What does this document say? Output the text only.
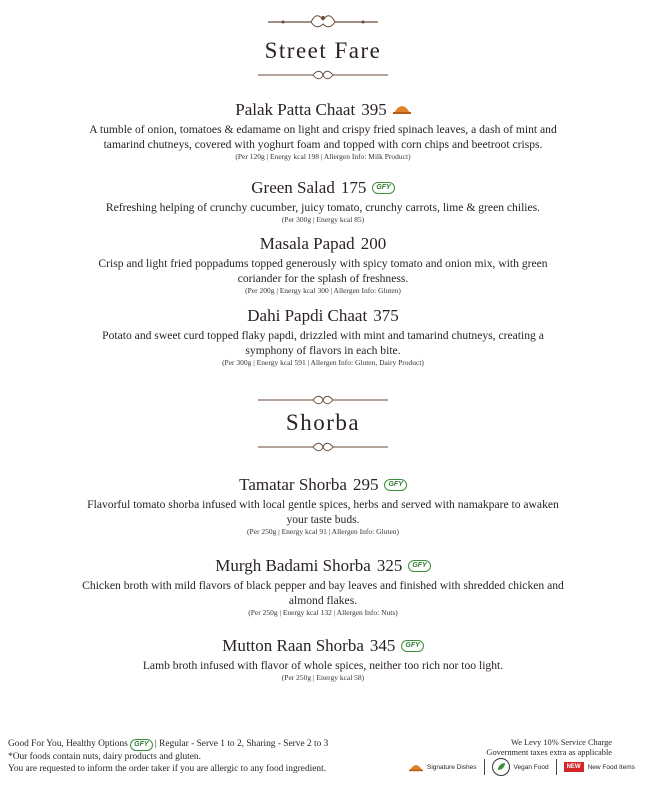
Street Fare
Palak Patta Chaat 395
A tumble of onion, tomatoes & edamame on light and crispy fried spinach leaves, a dash of mint and tamarind chutneys, covered with yoghurt foam and topped with corn chips and beetroot crisps.
(Per 120g | Energy kcal 198 | Allergen Info: Milk Product)
Green Salad 175	GFY
Refreshing helping of crunchy cucumber, juicy tomato, crunchy carrots, lime & green chilies.
(Per 300g | Energy kcal 85)
Masala Papad 200
Crisp and light fried poppadums topped generously with spicy tomato and onion mix, with green coriander for the splash of freshness.
(Per 200g | Energy kcal 300 | Allergen Info: Gluten)
Dahi Papdi Chaat 375
Potato and sweet curd topped flaky papdi, drizzled with mint and tamarind chutneys, creating a symphony of flavors in each bite.
(Per 300g | Energy kcal 591 | Allergen Info: Gluten, Dairy Product)
Shorba
Tamatar Shorba 295	GFY
Flavorful tomato shorba infused with local gentle spices, herbs and served with namakpare to awaken your taste buds.
(Per 250g | Energy kcal 91 | Allergen Info: Gluten)
Murgh Badami Shorba 325	GFY
Chicken broth with mild flavors of black pepper and bay leaves and finished with shredded chicken and almond flakes.
(Per 250g | Energy kcal 132 | Allergen Info: Nuts)
Mutton Raan Shorba 345	GFY
Lamb broth infused with flavor of whole spices, neither too rich nor too light.
(Per 250g | Energy kcal 58)
Good For You, Healthy Options GFY | Regular - Serve 1 to 2, Sharing - Serve 2 to 3
*Our foods contain nuts, dairy products and gluten.
You are requested to inform the order taker if you are allergic to any food ingredient.
We Levy 10% Service Charge
Government taxes extra as applicable
Signature Dishes	Vegan Food	NEW	New Food Items
